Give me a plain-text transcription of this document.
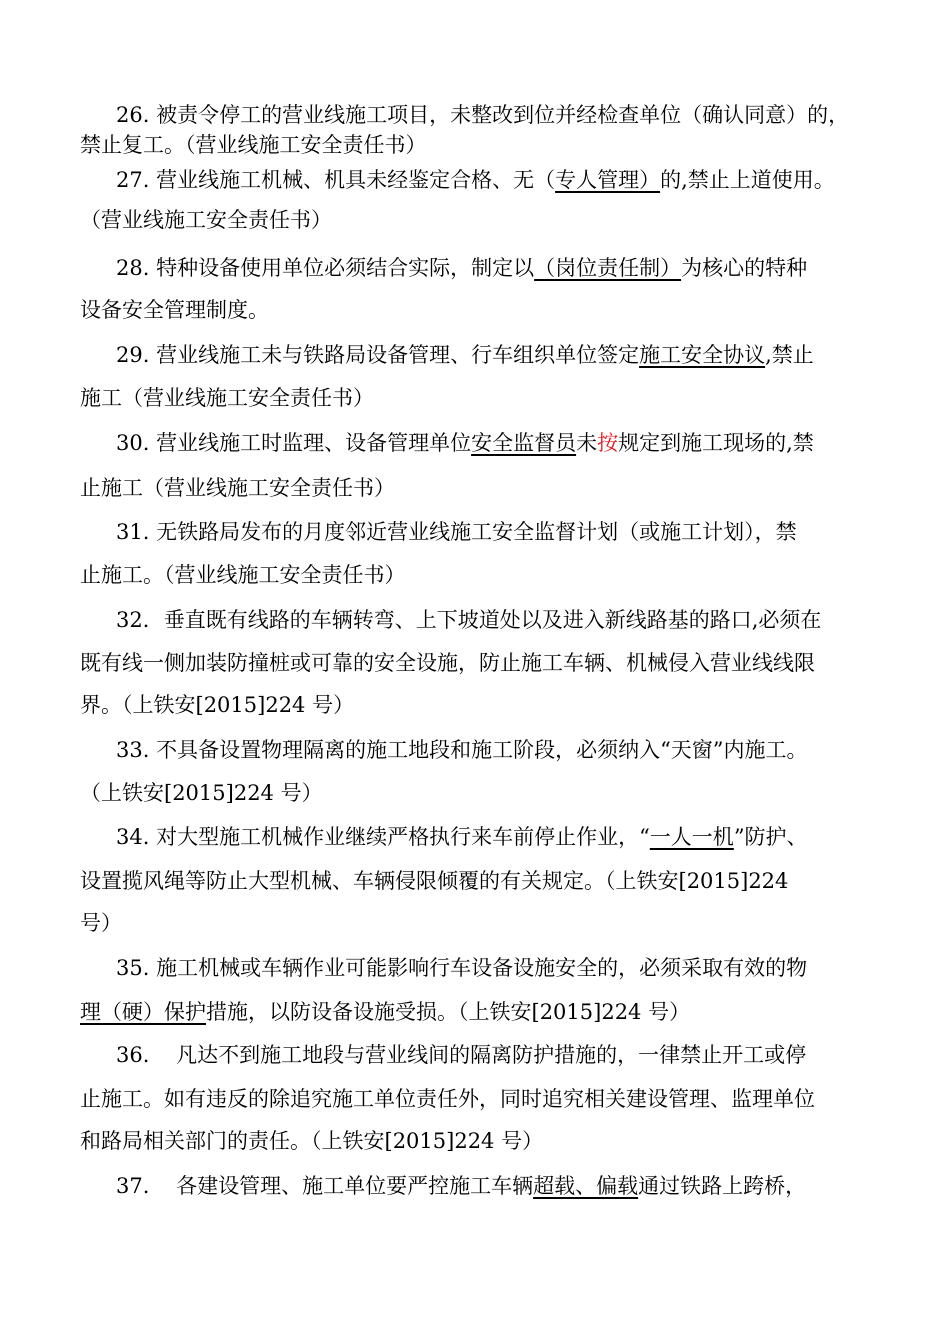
26. 被责令停工的营业线施工项目，未整改到位并经检查单位（确认同意）的，
禁止复工。（营业线施工安全责任书）
27. 营业线施工机械、机具未经鉴定合格、无（专人管理）的,禁止上道使用。
（营业线施工安全责任书）
28. 特种设备使用单位必须结合实际，制定以（岗位责任制）为核心的特种
设备安全管理制度。
29. 营业线施工未与铁路局设备管理、行车组织单位签定施工安全协议,禁止
施工（营业线施工安全责任书）
30. 营业线施工时监理、设备管理单位安全监督员未按规定到施工现场的,禁
止施工（营业线施工安全责任书）
31. 无铁路局发布的月度邻近营业线施工安全监督计划（或施工计划），禁
止施工。（营业线施工安全责任书）
32．垂直既有线路的车辆转弯、上下坡道处以及进入新线路基的路口,必须在
既有线一侧加装防撞桩或可靠的安全设施，防止施工车辆、机械侵入营业线线限
界。（上铁安[2015]224 号）
33. 不具备设置物理隔离的施工地段和施工阶段，必须纳入“天窗”内施工。
（上铁安[2015]224 号）
34. 对大型施工机械作业继续严格执行来车前停止作业，“一人一机”防护、
设置揽风绳等防止大型机械、车辆侵限倾覆的有关规定。（上铁安[2015]224
号）
35. 施工机械或车辆作业可能影响行车设备设施安全的，必须采取有效的物
理（硬）保护措施，以防设备设施受损。（上铁安[2015]224 号）
36.    凡达不到施工地段与营业线间的隔离防护措施的，一律禁止开工或停
止施工。如有违反的除追究施工单位责任外，同时追究相关建设管理、监理单位
和路局相关部门的责任。（上铁安[2015]224 号）
37.    各建设管理、施工单位要严控施工车辆超载、偏载通过铁路上跨桥，
